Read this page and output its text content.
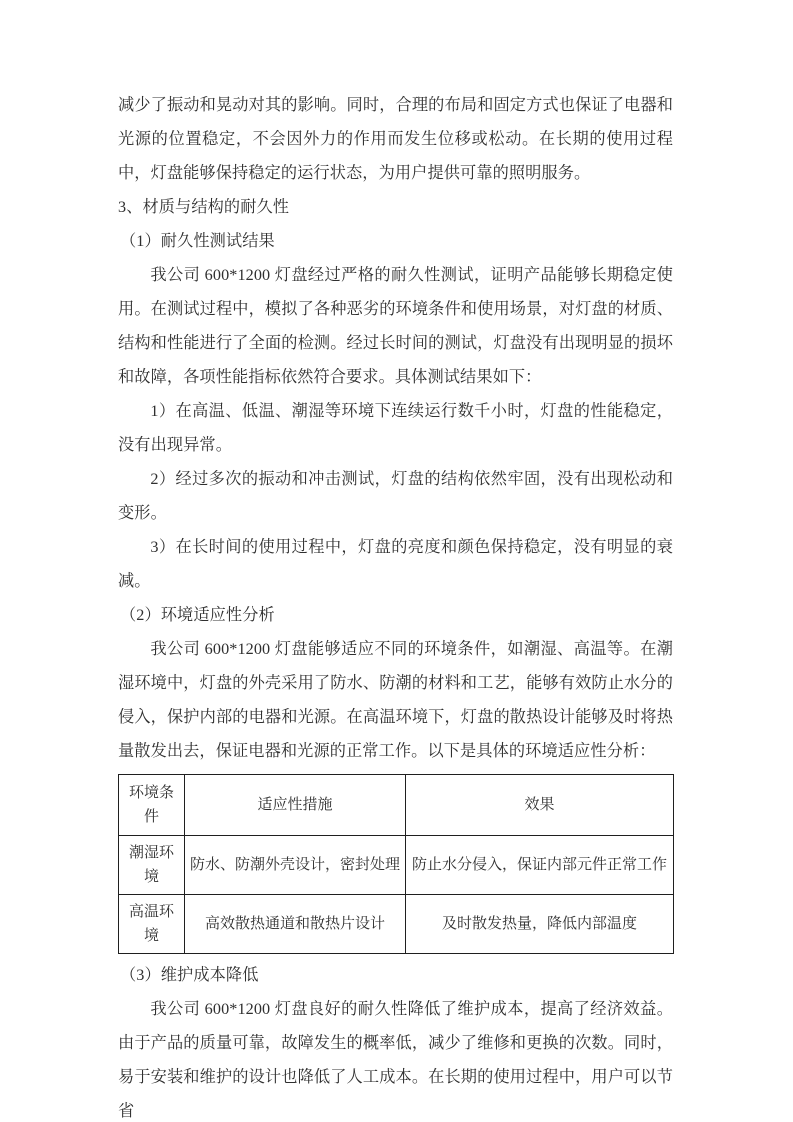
减少了振动和晃动对其的影响。同时，合理的布局和固定方式也保证了电器和光源的位置稳定，不会因外力的作用而发生位移或松动。在长期的使用过程中，灯盘能够保持稳定的运行状态，为用户提供可靠的照明服务。

3、材质与结构的耐久性

（1）耐久性测试结果

我公司 600*1200 灯盘经过严格的耐久性测试，证明产品能够长期稳定使用。在测试过程中，模拟了各种恶劣的环境条件和使用场景，对灯盘的材质、结构和性能进行了全面的检测。经过长时间的测试，灯盘没有出现明显的损坏和故障，各项性能指标依然符合要求。具体测试结果如下：

1）在高温、低温、潮湿等环境下连续运行数千小时，灯盘的性能稳定，没有出现异常。

2）经过多次的振动和冲击测试，灯盘的结构依然牢固，没有出现松动和变形。

3）在长时间的使用过程中，灯盘的亮度和颜色保持稳定，没有明显的衰减。

（2）环境适应性分析

我公司 600*1200 灯盘能够适应不同的环境条件，如潮湿、高温等。在潮湿环境中，灯盘的外壳采用了防水、防潮的材料和工艺，能够有效防止水分的侵入，保护内部的电器和光源。在高温环境下，灯盘的散热设计能够及时将热量散发出去，保证电器和光源的正常工作。以下是具体的环境适应性分析：

环境条件	适应性措施	效果
潮湿环境	防水、防潮外壳设计，密封处理	防止水分侵入，保证内部元件正常工作
高温环境	高效散热通道和散热片设计	及时散发热量，降低内部温度

（3）维护成本降低

我公司 600*1200 灯盘良好的耐久性降低了维护成本，提高了经济效益。由于产品的质量可靠，故障发生的概率低，减少了维修和更换的次数。同时，易于安装和维护的设计也降低了人工成本。在长期的使用过程中，用户可以节省
